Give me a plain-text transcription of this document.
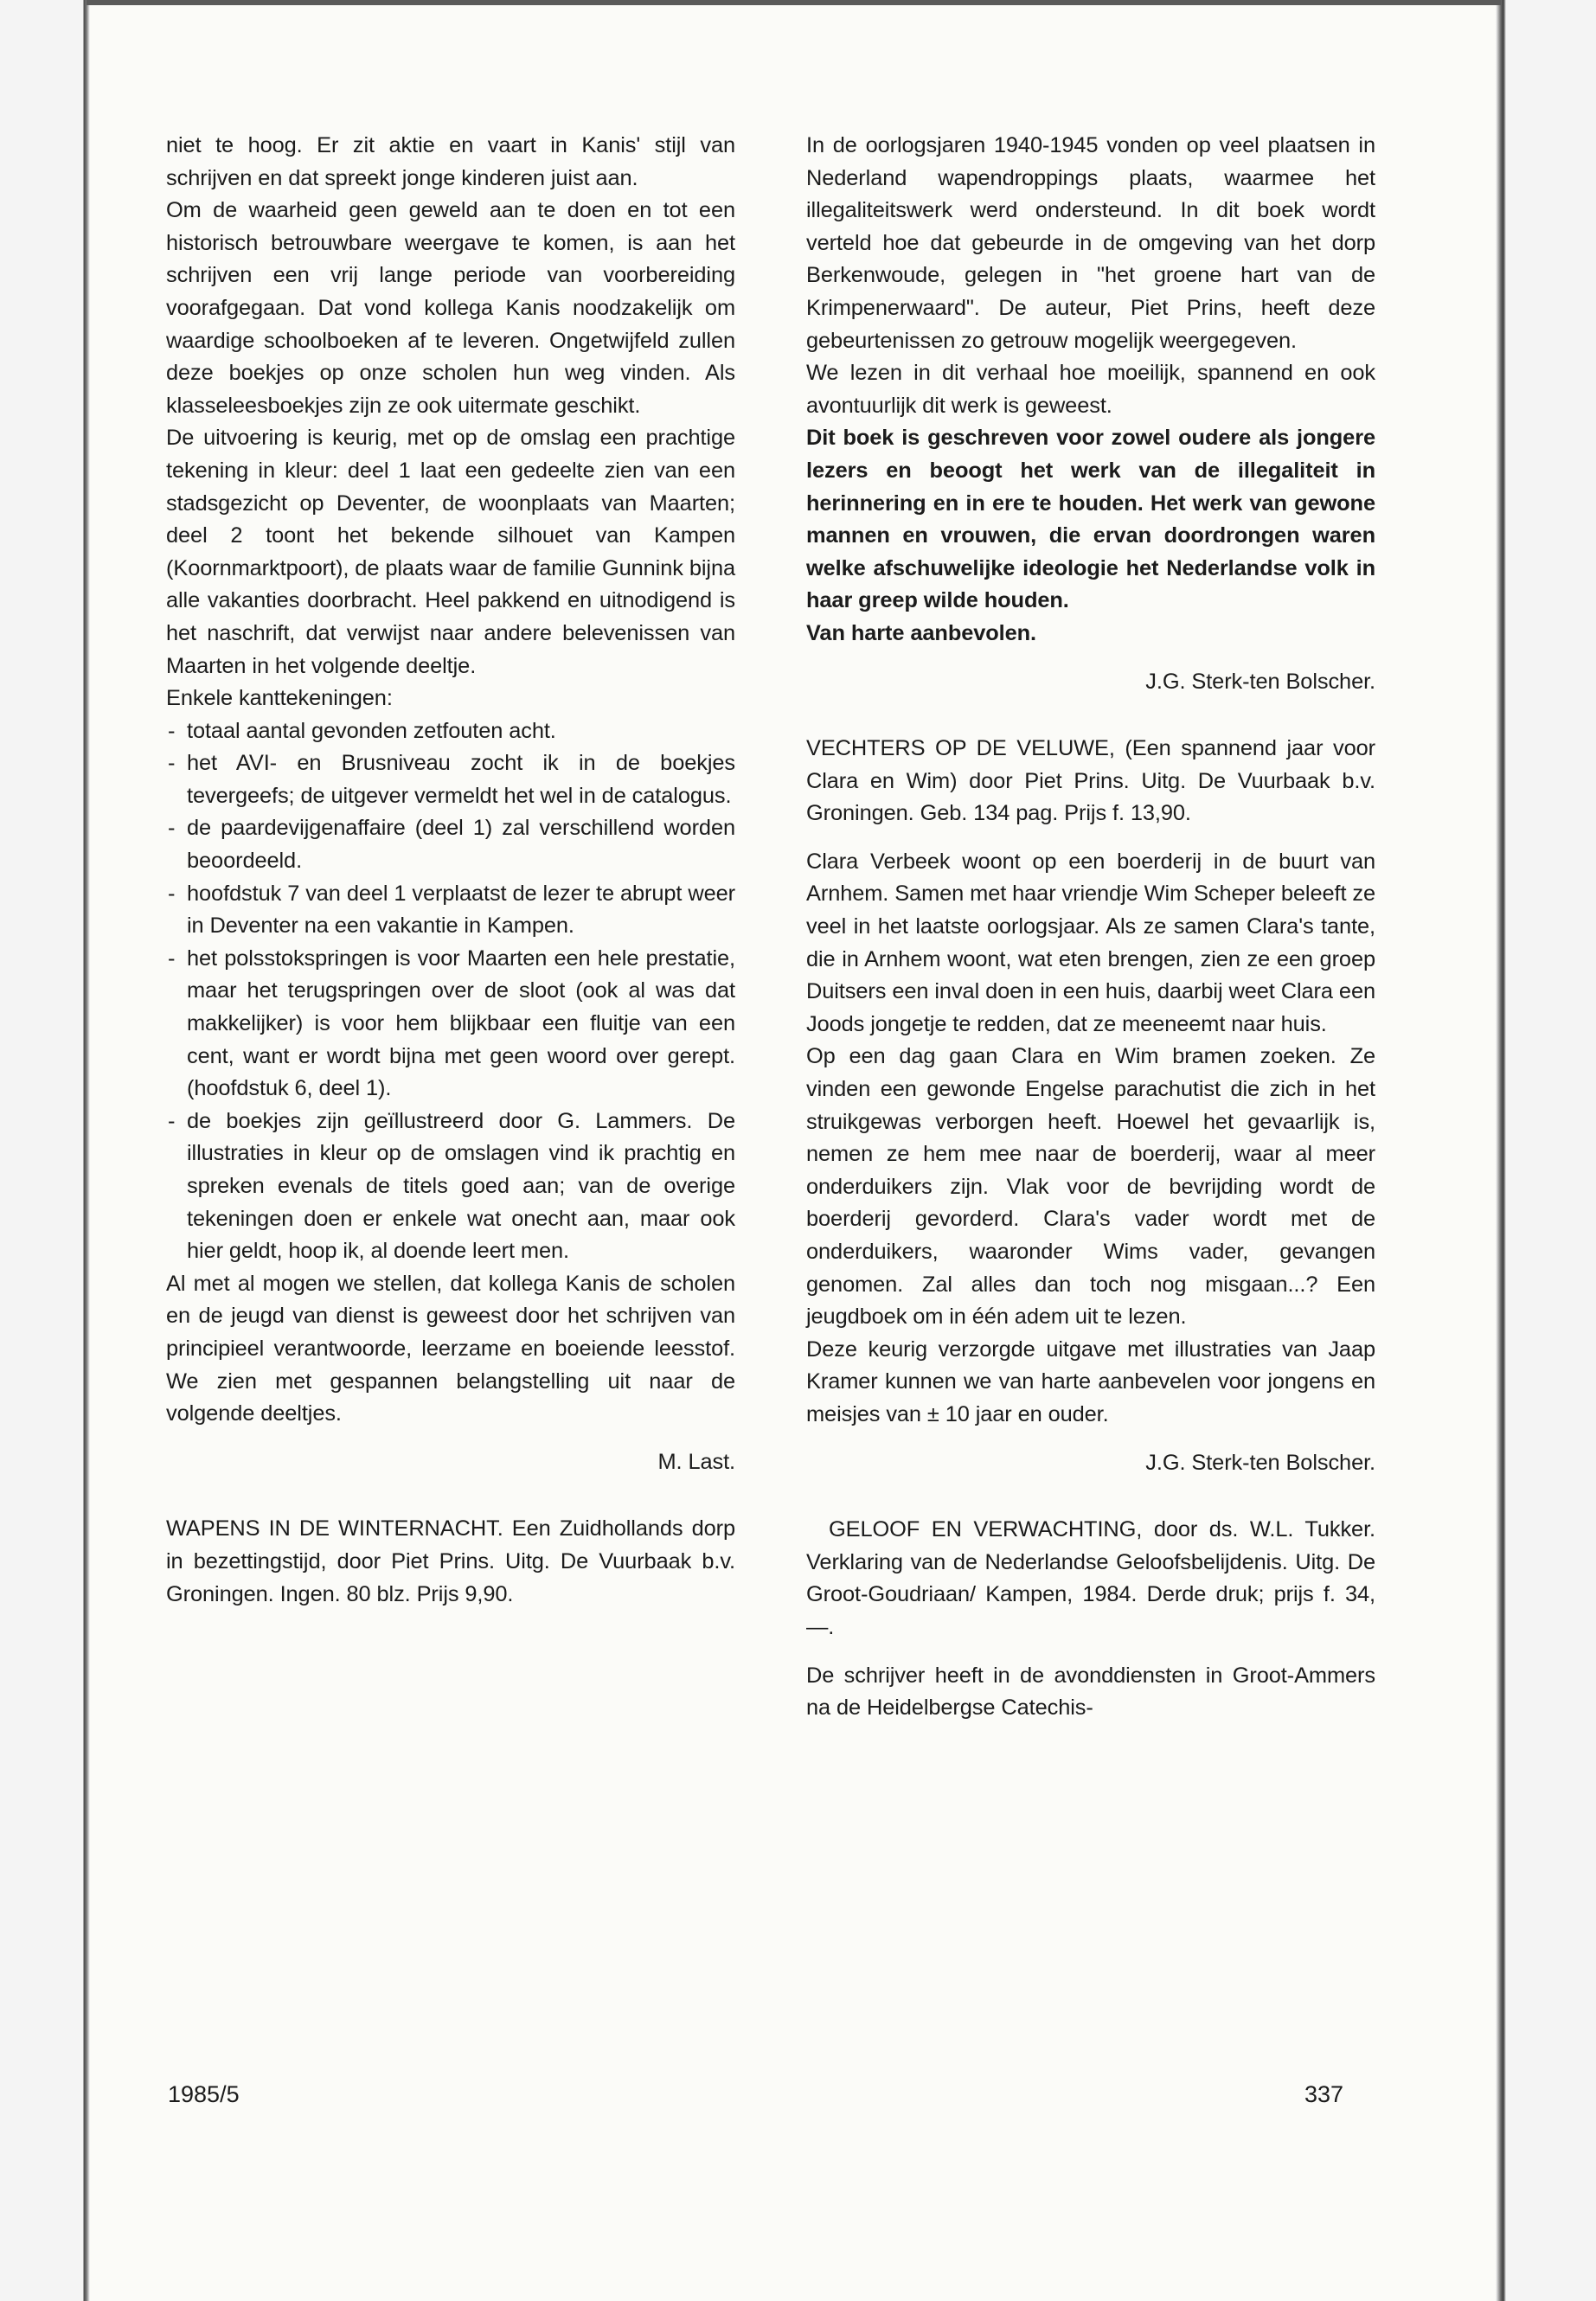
niet te hoog. Er zit aktie en vaart in Kanis' stijl van schrijven en dat spreekt jonge kinderen juist aan.

Om de waarheid geen geweld aan te doen en tot een historisch betrouwbare weergave te komen, is aan het schrijven een vrij lange periode van voorbereiding voorafgegaan. Dat vond kollega Kanis noodzakelijk om waardige schoolboeken af te leveren. Ongetwijfeld zullen deze boekjes op onze scholen hun weg vinden. Als klasseleesboekjes zijn ze ook uitermate geschikt.

De uitvoering is keurig, met op de omslag een prachtige tekening in kleur: deel 1 laat een gedeelte zien van een stadsgezicht op Deventer, de woonplaats van Maarten; deel 2 toont het bekende silhouet van Kampen (Koornmarktpoort), de plaats waar de familie Gunnink bijna alle vakanties doorbracht. Heel pakkend en uitnodigend is het naschrift, dat verwijst naar andere belevenissen van Maarten in het volgende deeltje.

Enkele kanttekeningen:

- totaal aantal gevonden zetfouten acht.
- het AVI- en Brusniveau zocht ik in de boekjes tevergeefs; de uitgever vermeldt het wel in de catalogus.
- de paardevijgenaffaire (deel 1) zal verschillend worden beoordeeld.
- hoofdstuk 7 van deel 1 verplaatst de lezer te abrupt weer in Deventer na een vakantie in Kampen.
- het polsstokspringen is voor Maarten een hele prestatie, maar het terugspringen over de sloot (ook al was dat makkelijker) is voor hem blijkbaar een fluitje van een cent, want er wordt bijna met geen woord over gerept. (hoofdstuk 6, deel 1).
- de boekjes zijn geïllustreerd door G. Lammers. De illustraties in kleur op de omslagen vind ik prachtig en spreken evenals de titels goed aan; van de overige tekeningen doen er enkele wat onecht aan, maar ook hier geldt, hoop ik, al doende leert men.

Al met al mogen we stellen, dat kollega Kanis de scholen en de jeugd van dienst is geweest door het schrijven van principieel verantwoorde, leerzame en boeiende leesstof. We zien met gespannen belangstelling uit naar de volgende deeltjes.

M. Last.

WAPENS IN DE WINTERNACHT. Een Zuidhollands dorp in bezettingstijd, door Piet Prins. Uitg. De Vuurbaak b.v. Groningen. Ingen. 80 blz. Prijs 9,90.

In de oorlogsjaren 1940-1945 vonden op veel plaatsen in Nederland wapendroppings plaats, waarmee het illegaliteitswerk werd ondersteund. In dit boek wordt verteld hoe dat gebeurde in de omgeving van het dorp Berkenwoude, gelegen in "het groene hart van de Krimpenerwaard". De auteur, Piet Prins, heeft deze gebeurtenissen zo getrouw mogelijk weergegeven.

We lezen in dit verhaal hoe moeilijk, spannend en ook avontuurlijk dit werk is geweest.

Dit boek is geschreven voor zowel oudere als jongere lezers en beoogt het werk van de illegaliteit in herinnering en in ere te houden. Het werk van gewone mannen en vrouwen, die ervan doordrongen waren welke afschuwelijke ideologie het Nederlandse volk in haar greep wilde houden.

Van harte aanbevolen.

J.G. Sterk-ten Bolscher.

VECHTERS OP DE VELUWE, (Een spannend jaar voor Clara en Wim) door Piet Prins. Uitg. De Vuurbaak b.v. Groningen. Geb. 134 pag. Prijs f. 13,90.

Clara Verbeek woont op een boerderij in de buurt van Arnhem. Samen met haar vriendje Wim Scheper beleeft ze veel in het laatste oorlogsjaar. Als ze samen Clara's tante, die in Arnhem woont, wat eten brengen, zien ze een groep Duitsers een inval doen in een huis, daarbij weet Clara een Joods jongetje te redden, dat ze meeneemt naar huis.

Op een dag gaan Clara en Wim bramen zoeken. Ze vinden een gewonde Engelse parachutist die zich in het struikgewas verborgen heeft. Hoewel het gevaarlijk is, nemen ze hem mee naar de boerderij, waar al meer onderduikers zijn. Vlak voor de bevrijding wordt de boerderij gevorderd. Clara's vader wordt met de onderduikers, waaronder Wims vader, gevangen genomen. Zal alles dan toch nog misgaan...? Een jeugdboek om in één adem uit te lezen.

Deze keurig verzorgde uitgave met illustraties van Jaap Kramer kunnen we van harte aanbevelen voor jongens en meisjes van ± 10 jaar en ouder.

J.G. Sterk-ten Bolscher.

GELOOF EN VERWACHTING, door ds. W.L. Tukker. Verklaring van de Nederlandse Geloofsbelijdenis. Uitg. De Groot-Goudriaan/ Kampen, 1984. Derde druk; prijs f. 34,—.

De schrijver heeft in de avonddiensten in Groot-Ammers na de Heidelbergse Catechis-

1985/5	337
